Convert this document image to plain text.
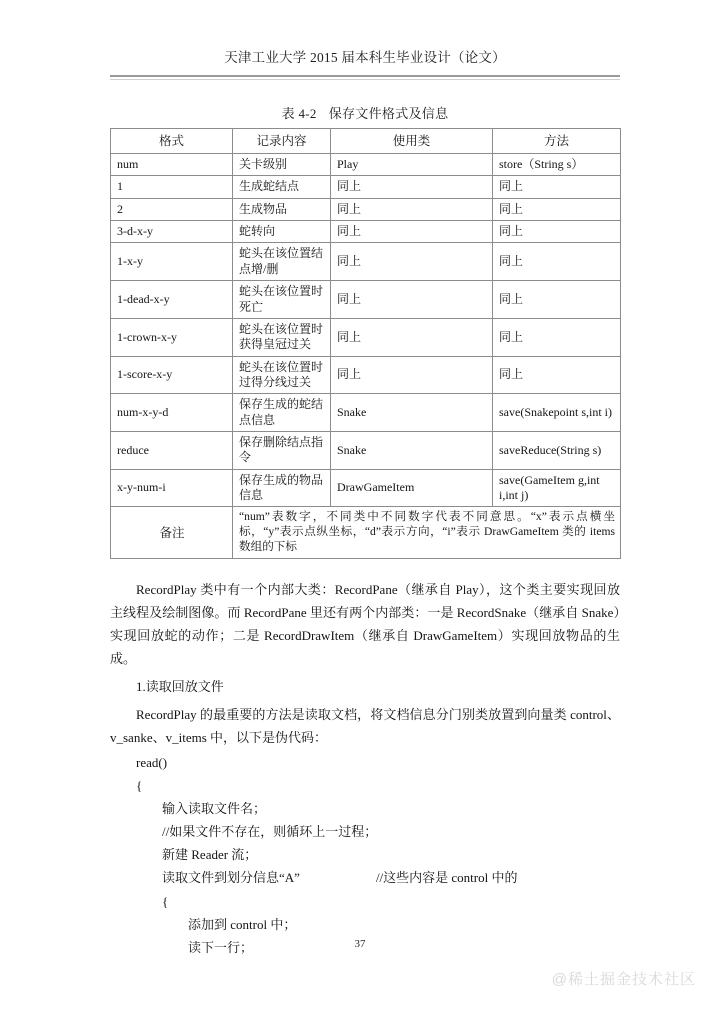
天津工业大学 2015 届本科生毕业设计（论文）
表 4-2 保存文件格式及信息
格式	记录内容	使用类	方法
num	关卡级别	Play	store（String s）
1	生成蛇结点	同上	同上
2	生成物品	同上	同上
3-d-x-y	蛇转向	同上	同上
1-x-y	蛇头在该位置结点增/删	同上	同上
1-dead-x-y	蛇头在该位置时死亡	同上	同上
1-crown-x-y	蛇头在该位置时获得皇冠过关	同上	同上
1-score-x-y	蛇头在该位置时过得分线过关	同上	同上
num-x-y-d	保存生成的蛇结点信息	Snake	save(Snakepoint s,int i)
reduce	保存删除结点指令	Snake	saveReduce(String s)
x-y-num-i	保存生成的物品信息	DrawGameItem	save(GameItem g,int i,int j)
备注	“num”表数字，不同类中不同数字代表不同意思。“x”表示点横坐标，“y”表示点纵坐标，“d”表示方向，“i”表示 DrawGameItem 类的 items 数组的下标		

RecordPlay 类中有一个内部大类：RecordPane（继承自 Play），这个类主要实现回放主线程及绘制图像。而 RecordPane 里还有两个内部类：一是 RecordSnake（继承自 Snake）实现回放蛇的动作；二是 RecordDrawItem（继承自 DrawGameItem）实现回放物品的生成。

1.读取回放文件

RecordPlay 的最重要的方法是读取文档，将文档信息分门别类放置到向量类 control、v_sanke、v_items 中，以下是伪代码：

read()
{
输入读取文件名；
//如果文件不存在，则循环上一过程；
新建 Reader 流；
读取文件到划分信息“A”	//这些内容是 control 中的
{
添加到 control 中；
读下一行；	37
@稀土掘金技术社区
